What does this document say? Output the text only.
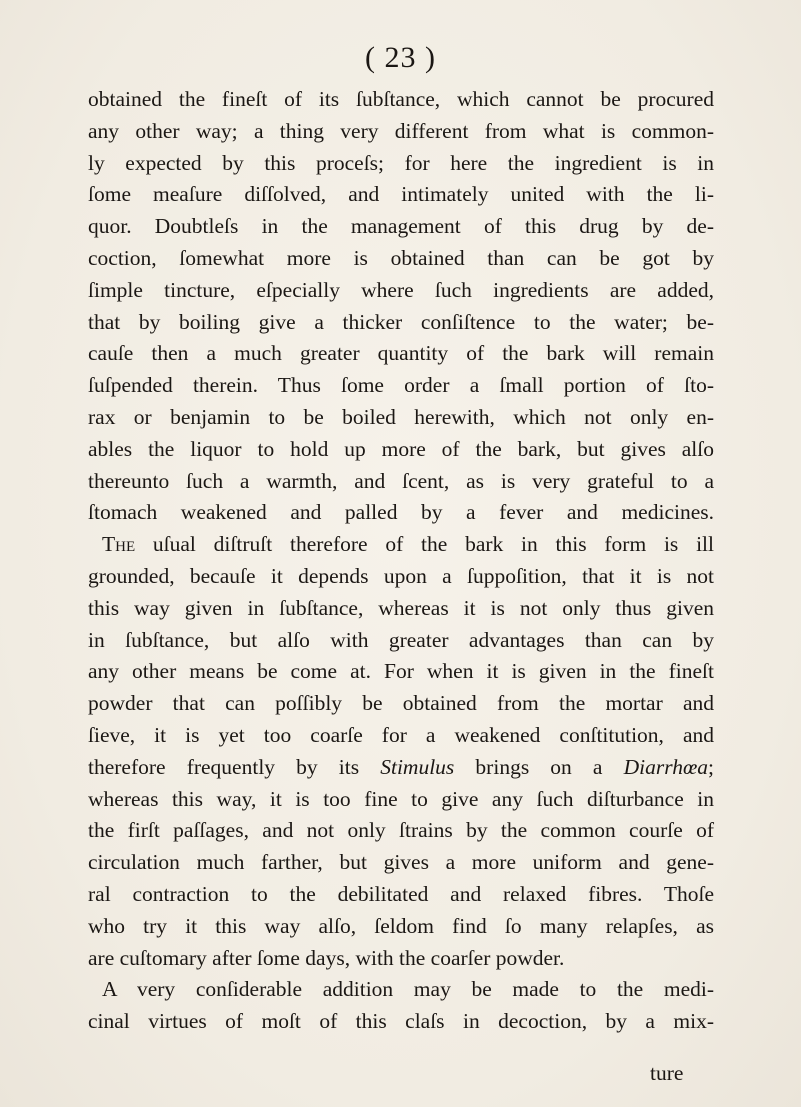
( 23 )
obtained the fineſt of its ſubſtance, which cannot be procured
any other way; a thing very different from what is common-
ly expected by this proceſs; for here the ingredient is in
ſome meaſure diſſolved, and intimately united with the li-
quor. Doubtleſs in the management of this drug by de-
coction, ſomewhat more is obtained than can be got by
ſimple tincture, eſpecially where ſuch ingredients are added,
that by boiling give a thicker conſiſtence to the water; be-
cauſe then a much greater quantity of the bark will remain
ſuſpended therein. Thus ſome order a ſmall portion of ſto-
rax or benjamin to be boiled herewith, which not only en-
ables the liquor to hold up more of the bark, but gives alſo
thereunto ſuch a warmth, and ſcent, as is very grateful to a
ſtomach weakened and palled by a fever and medicines.
The uſual diſtruſt therefore of the bark in this form is ill
grounded, becauſe it depends upon a ſuppoſition, that it is not
this way given in ſubſtance, whereas it is not only thus given
in ſubſtance, but alſo with greater advantages than can by
any other means be come at. For when it is given in the fineſt
powder that can poſſibly be obtained from the mortar and
ſieve, it is yet too coarſe for a weakened conſtitution, and
therefore frequently by its Stimulus brings on a Diarrhœa;
whereas this way, it is too fine to give any ſuch diſturbance in
the firſt paſſages, and not only ſtrains by the common courſe of
circulation much farther, but gives a more uniform and gene-
ral contraction to the debilitated and relaxed fibres. Thoſe
who try it this way alſo, ſeldom find ſo many relapſes, as
are cuſtomary after ſome days, with the coarſer powder.
A very conſiderable addition may be made to the medi-
cinal virtues of moſt of this claſs in decoction, by a mix-
ture
